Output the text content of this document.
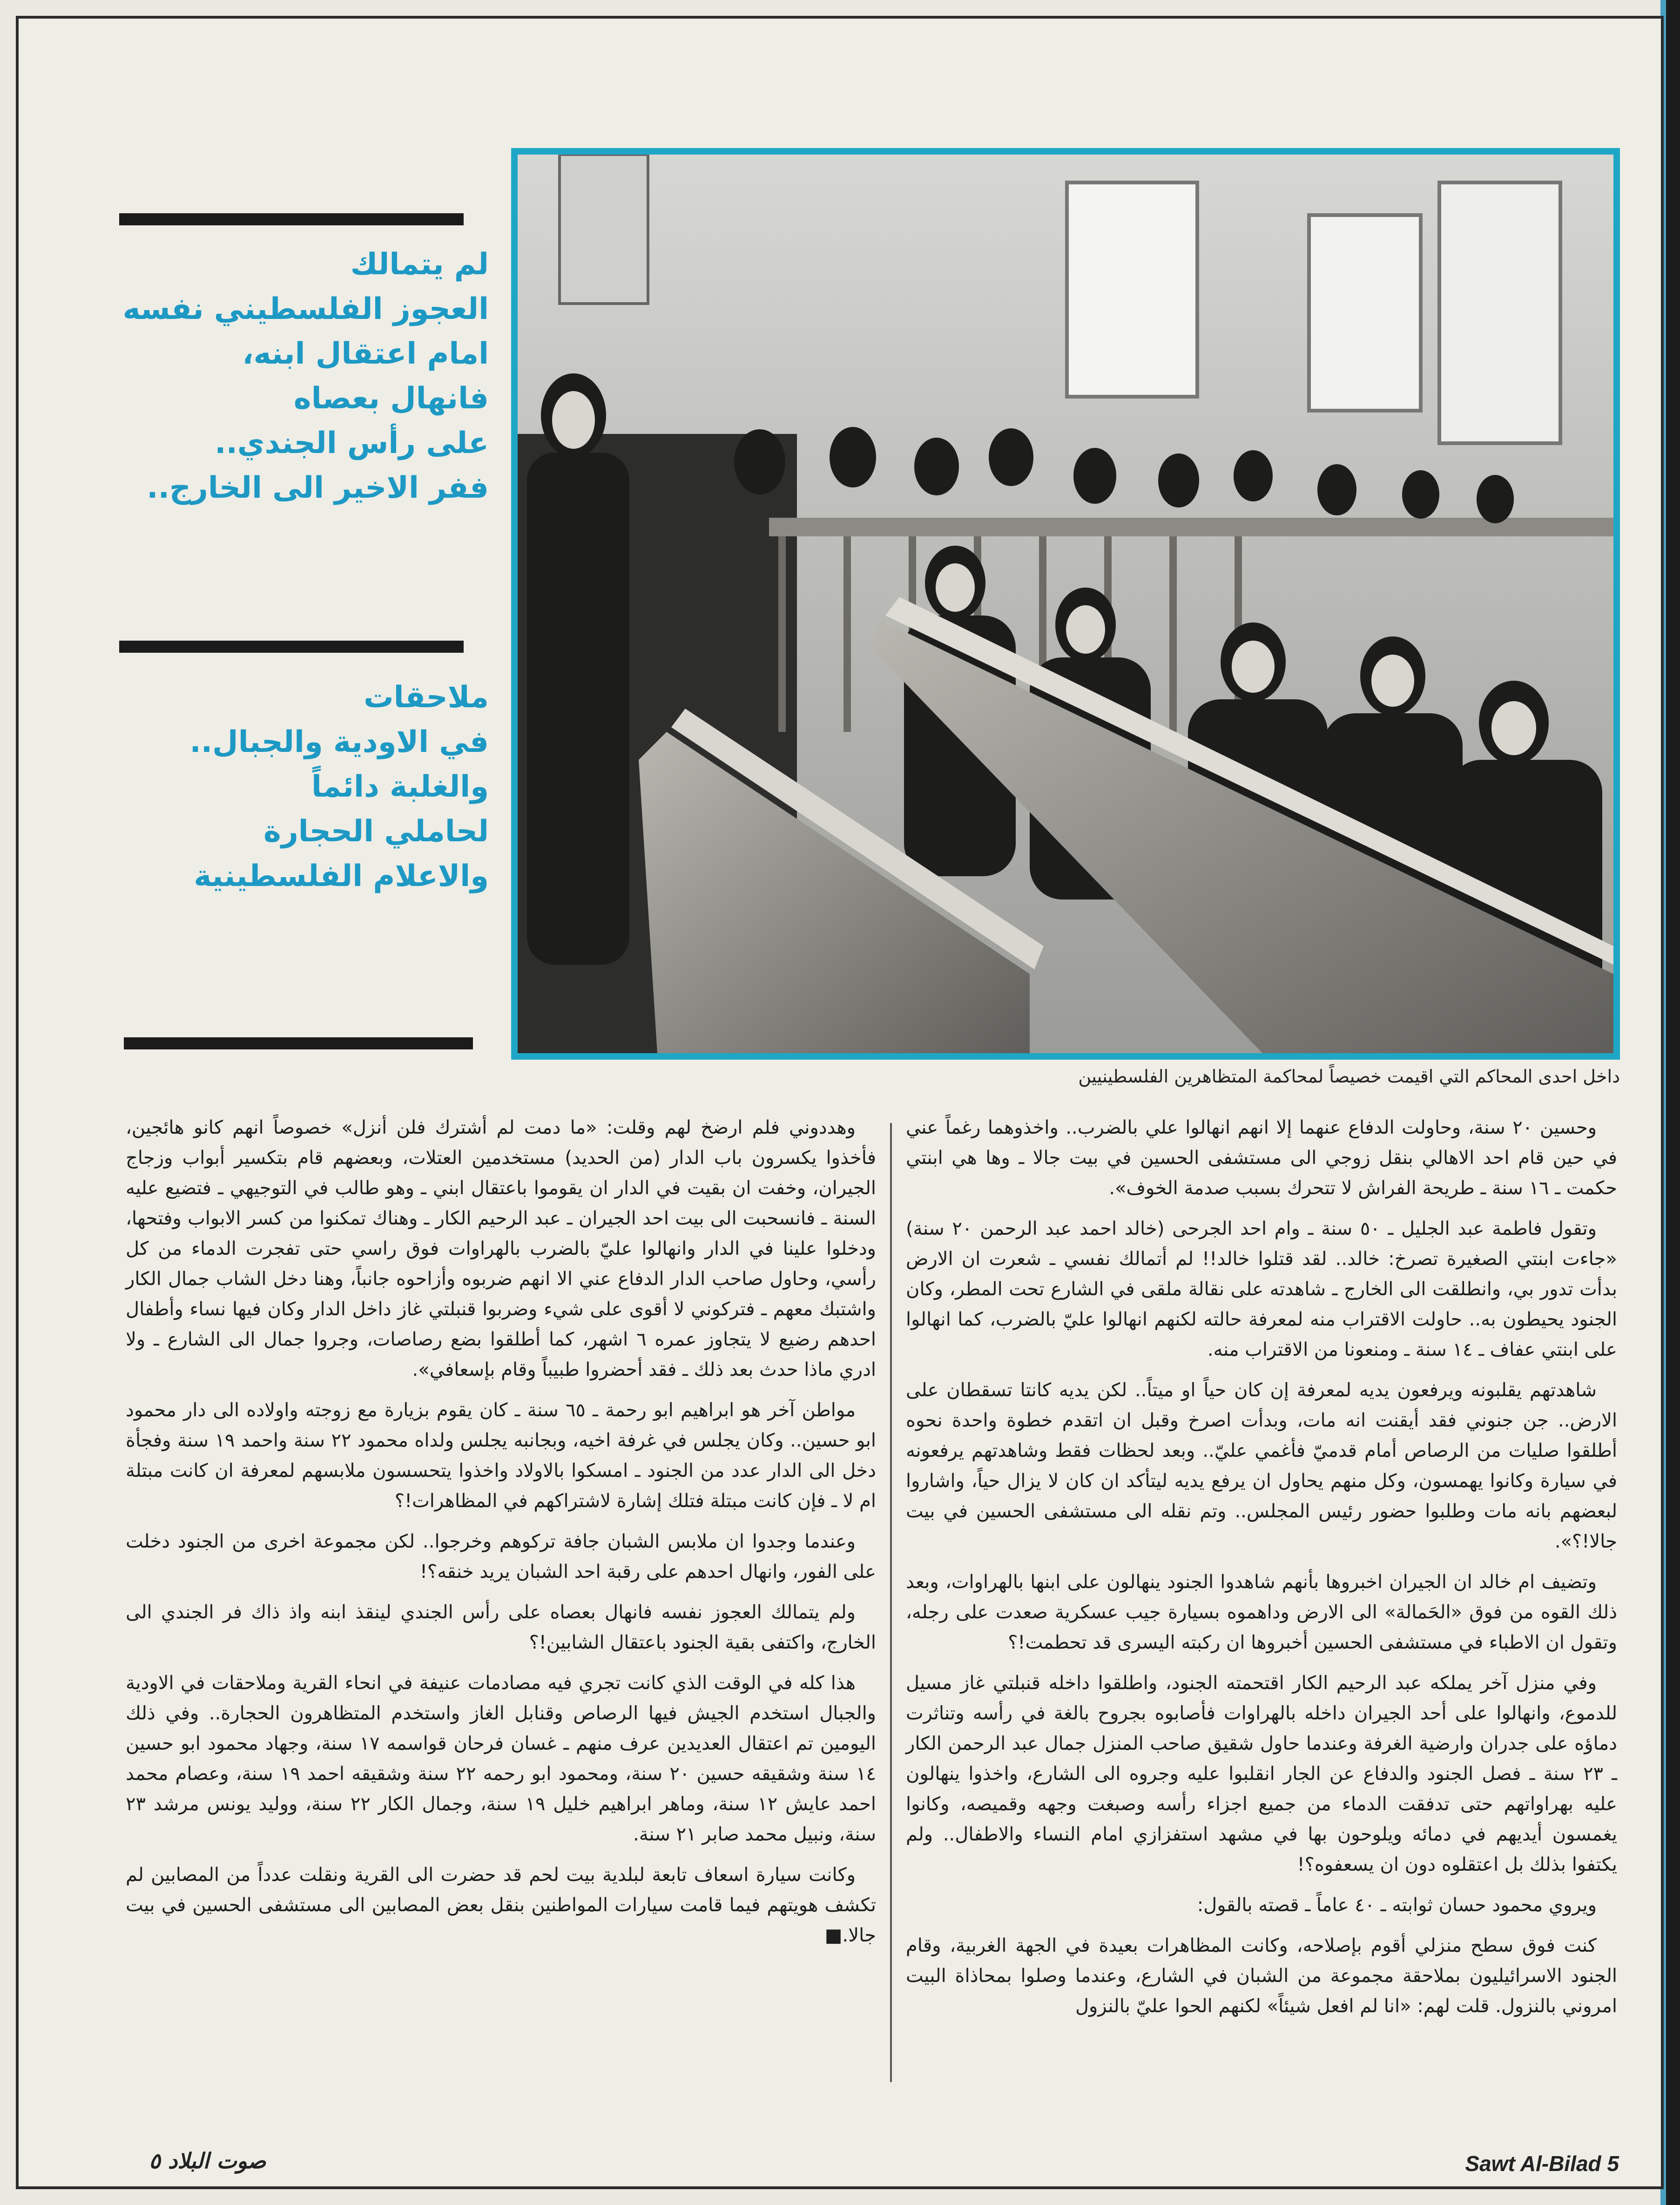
لم يتمالك
العجوز الفلسطيني نفسه
امام اعتقال ابنه،
فانهال بعصاه
على رأس الجندي..
ففر الاخير الى الخارج..
ملاحقات
في الاودية والجبال..
والغلبة دائماً
لحاملي الحجارة
والاعلام الفلسطينية
داخل احدى المحاكم التي اقيمت خصيصاً لمحاكمة المتظاهرين الفلسطينيين

وحسين ٢٠ سنة، وحاولت الدفاع عنهما إلا انهم انهالوا علي بالضرب.. واخذوهما رغماً عني في حين قام احد الاهالي بنقل زوجي الى مستشفى الحسين في بيت جالا ـ وها هي ابنتي حكمت ـ ١٦ سنة ـ طريحة الفراش لا تتحرك بسبب صدمة الخوف».

وتقول فاطمة عبد الجليل ـ ٥٠ سنة ـ وام احد الجرحى (خالد احمد عبد الرحمن ٢٠ سنة) «جاءت ابنتي الصغيرة تصرخ: خالد.. لقد قتلوا خالد!! لم أتمالك نفسي ـ شعرت ان الارض بدأت تدور بي، وانطلقت الى الخارج ـ شاهدته على نقالة ملقى في الشارع تحت المطر، وكان الجنود يحيطون به.. حاولت الاقتراب منه لمعرفة حالته لكنهم انهالوا عليّ بالضرب، كما انهالوا على ابنتي عفاف ـ ١٤ سنة ـ ومنعونا من الاقتراب منه.

شاهدتهم يقلبونه ويرفعون يديه لمعرفة إن كان حياً او ميتاً.. لكن يديه كانتا تسقطان على الارض.. جن جنوني فقد أيقنت انه مات، وبدأت اصرخ وقبل ان اتقدم خطوة واحدة نحوه أطلقوا صليات من الرصاص أمام قدميّ فأغمي عليّ.. وبعد لحظات فقط وشاهدتهم يرفعونه في سيارة وكانوا يهمسون، وكل منهم يحاول ان يرفع يديه ليتأكد ان كان لا يزال حياً، واشاروا لبعضهم بانه مات وطلبوا حضور رئيس المجلس.. وتم نقله الى مستشفى الحسين في بيت جالا!؟».

وتضيف ام خالد ان الجيران اخبروها بأنهم شاهدوا الجنود ينهالون على ابنها بالهراوات، وبعد ذلك القوه من فوق «الحَمالة» الى الارض وداهموه بسيارة جيب عسكرية صعدت على رجله، وتقول ان الاطباء في مستشفى الحسين أخبروها ان ركبته اليسرى قد تحطمت!؟

وفي منزل آخر يملكه عبد الرحيم الكار اقتحمته الجنود، واطلقوا داخله قنبلتي غاز مسيل للدموع، وانهالوا على أحد الجيران داخله بالهراوات فأصابوه بجروح بالغة في رأسه وتناثرت دماؤه على جدران وارضية الغرفة وعندما حاول شقيق صاحب المنزل جمال عبد الرحمن الكار ـ ٢٣ سنة ـ فصل الجنود والدفاع عن الجار انقلبوا عليه وجروه الى الشارع، واخذوا ينهالون عليه بهراواتهم حتى تدفقت الدماء من جميع اجزاء رأسه وصبغت وجهه وقميصه، وكانوا يغمسون أيديهم في دمائه ويلوحون بها في مشهد استفزازي امام النساء والاطفال.. ولم يكتفوا بذلك بل اعتقلوه دون ان يسعفوه؟!

ويروي محمود حسان ثوابته ـ ٤٠ عاماً ـ قصته بالقول:

كنت فوق سطح منزلي أقوم بإصلاحه، وكانت المظاهرات بعيدة في الجهة الغربية، وقام الجنود الاسرائيليون بملاحقة مجموعة من الشبان في الشارع، وعندما وصلوا بمحاذاة البيت امروني بالنزول. قلت لهم: «انا لم افعل شيئاً» لكنهم الحوا عليّ بالنزول

وهددوني فلم ارضخ لهم وقلت: «ما دمت لم أشترك فلن أنزل» خصوصاً انهم كانو هائجين، فأخذوا يكسرون باب الدار (من الحديد) مستخدمين العتلات، وبعضهم قام بتكسير أبواب وزجاج الجيران، وخفت ان بقيت في الدار ان يقوموا باعتقال ابني ـ وهو طالب في التوجيهي ـ فتضيع عليه السنة ـ فانسحبت الى بيت احد الجيران ـ عبد الرحيم الكار ـ وهناك تمكنوا من كسر الابواب وفتحها، ودخلوا علينا في الدار وانهالوا عليّ بالضرب بالهراوات فوق راسي حتى تفجرت الدماء من كل رأسي، وحاول صاحب الدار الدفاع عني الا انهم ضربوه وأزاحوه جانباً، وهنا دخل الشاب جمال الكار واشتبك معهم ـ فتركوني لا أقوى على شيء وضربوا قنبلتي غاز داخل الدار وكان فيها نساء وأطفال احدهم رضيع لا يتجاوز عمره ٦ اشهر، كما أطلقوا بضع رصاصات، وجروا جمال الى الشارع ـ ولا ادري ماذا حدث بعد ذلك ـ فقد أحضروا طبيباً وقام بإسعافي».

مواطن آخر هو ابراهيم ابو رحمة ـ ٦٥ سنة ـ كان يقوم بزيارة مع زوجته واولاده الى دار محمود ابو حسين.. وكان يجلس في غرفة اخيه، وبجانبه يجلس ولداه محمود ٢٢ سنة واحمد ١٩ سنة وفجأة دخل الى الدار عدد من الجنود ـ امسكوا بالاولاد واخذوا يتحسسون ملابسهم لمعرفة ان كانت مبتلة ام لا ـ فإن كانت مبتلة فتلك إشارة لاشتراكهم في المظاهرات!؟

وعندما وجدوا ان ملابس الشبان جافة تركوهم وخرجوا.. لكن مجموعة اخرى من الجنود دخلت على الفور، وانهال احدهم على رقبة احد الشبان يريد خنقه؟!

ولم يتمالك العجوز نفسه فانهال بعصاه على رأس الجندي لينقذ ابنه واذ ذاك فر الجندي الى الخارج، واكتفى بقية الجنود باعتقال الشابين!؟

هذا كله في الوقت الذي كانت تجري فيه مصادمات عنيفة في انحاء القرية وملاحقات في الاودية والجبال استخدم الجيش فيها الرصاص وقنابل الغاز واستخدم المتظاهرون الحجارة.. وفي ذلك اليومين تم اعتقال العديدين عرف منهم ـ غسان فرحان قواسمه ١٧ سنة، وجهاد محمود ابو حسين ١٤ سنة وشقيقه حسين ٢٠ سنة، ومحمود ابو رحمه ٢٢ سنة وشقيقه احمد ١٩ سنة، وعصام محمد احمد عايش ١٢ سنة، وماهر ابراهيم خليل ١٩ سنة، وجمال الكار ٢٢ سنة، ووليد يونس مرشد ٢٣ سنة، ونبيل محمد صابر ٢١ سنة.

وكانت سيارة اسعاف تابعة لبلدية بيت لحم قد حضرت الى القرية ونقلت عدداً من المصابين لم تكشف هويتهم فيما قامت سيارات المواطنين بنقل بعض المصابين الى مستشفى الحسين في بيت جالا.■

Sawt Al-Bilad 5
صوت البلاد ٥
